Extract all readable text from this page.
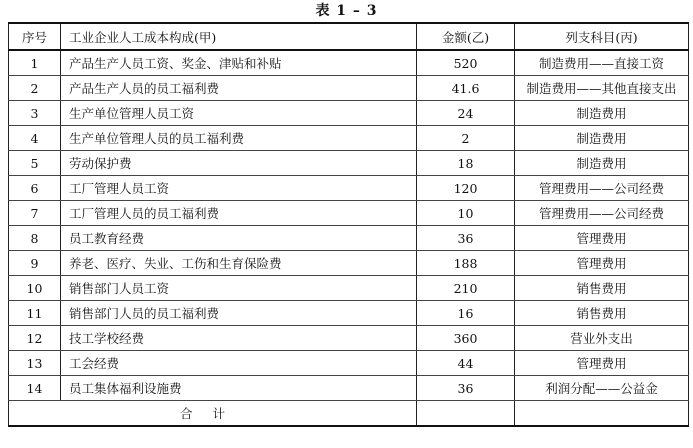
表 1 – 3
序号	工业企业人工成本构成(甲)	金额(乙)	列支科目(丙)
1	产品生产人员工资、奖金、津贴和补贴	520	制造费用——直接工资
2	产品生产人员的员工福利费	41.6	制造费用——其他直接支出
3	生产单位管理人员工资	24	制造费用
4	生产单位管理人员的员工福利费	2	制造费用
5	劳动保护费	18	制造费用
6	工厂管理人员工资	120	管理费用——公司经费
7	工厂管理人员的员工福利费	10	管理费用——公司经费
8	员工教育经费	36	管理费用
9	养老、医疗、失业、工伤和生育保险费	188	管理费用
10	销售部门人员工资	210	销售费用
11	销售部门人员的员工福利费	16	销售费用
12	技工学校经费	360	营业外支出
13	工会经费	44	管理费用
14	员工集体福利设施费	36	利润分配——公益金
合计			
